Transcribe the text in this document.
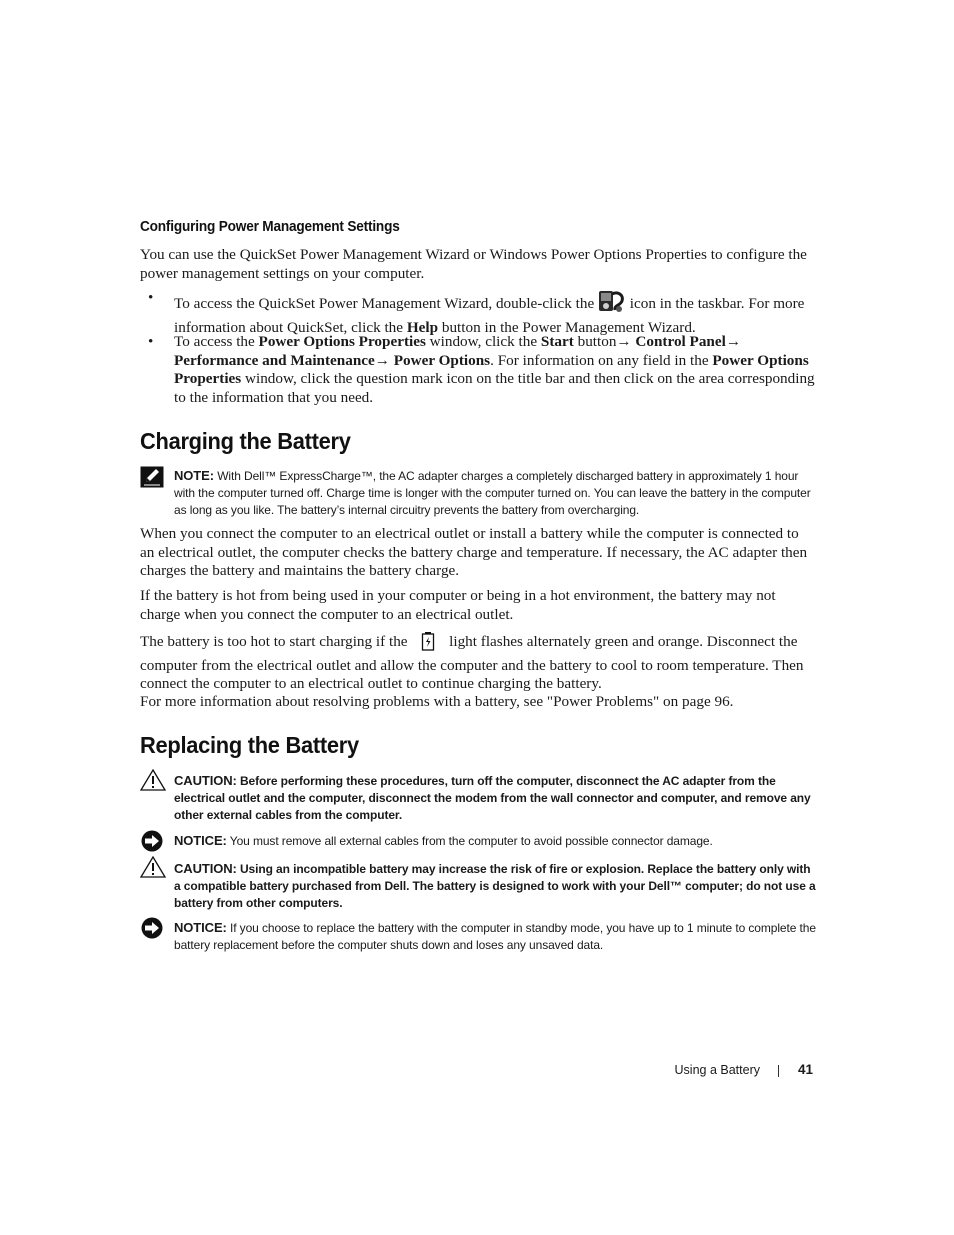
Configuring Power Management Settings
You can use the QuickSet Power Management Wizard or Windows Power Options Properties to configure the power management settings on your computer.
• To access the QuickSet Power Management Wizard, double-click the icon in the taskbar. For more information about QuickSet, click the Help button in the Power Management Wizard.
• To access the Power Options Properties window, click the Start button→ Control Panel→ Performance and Maintenance→ Power Options. For information on any field in the Power Options Properties window, click the question mark icon on the title bar and then click on the area corresponding to the information that you need.
Charging the Battery
NOTE: With Dell™ ExpressCharge™, the AC adapter charges a completely discharged battery in approximately 1 hour with the computer turned off. Charge time is longer with the computer turned on. You can leave the battery in the computer as long as you like. The battery’s internal circuitry prevents the battery from overcharging.
When you connect the computer to an electrical outlet or install a battery while the computer is connected to an electrical outlet, the computer checks the battery charge and temperature. If necessary, the AC adapter then charges the battery and maintains the battery charge.
If the battery is hot from being used in your computer or being in a hot environment, the battery may not charge when you connect the computer to an electrical outlet.
The battery is too hot to start charging if the	light flashes alternately green and orange. Disconnect the computer from the electrical outlet and allow the computer and the battery to cool to room temperature. Then connect the computer to an electrical outlet to continue charging the battery.
For more information about resolving problems with a battery, see "Power Problems" on page 96.
Replacing the Battery
CAUTION: Before performing these procedures, turn off the computer, disconnect the AC adapter from the electrical outlet and the computer, disconnect the modem from the wall connector and computer, and remove any other external cables from the computer.
NOTICE: You must remove all external cables from the computer to avoid possible connector damage.
CAUTION: Using an incompatible battery may increase the risk of fire or explosion. Replace the battery only with a compatible battery purchased from Dell. The battery is designed to work with your Dell™ computer; do not use a battery from other computers.
NOTICE: If you choose to replace the battery with the computer in standby mode, you have up to 1 minute to complete the battery replacement before the computer shuts down and loses any unsaved data.
Using a Battery	41
